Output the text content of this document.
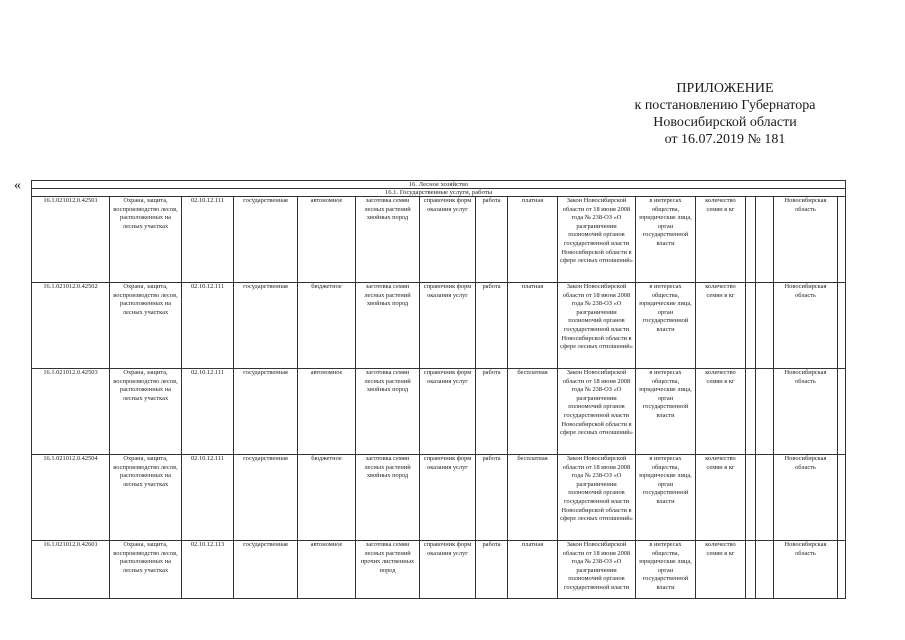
ПРИЛОЖЕНИЕ
к постановлению Губернатора
Новосибирской области
от 16.07.2019 № 181
«	16. Лесное хозяйство															
16.1. Государственные услуги, работы															
16.1.021012.0.42501	Охрана, защита, воспроизводство лесов, расположенных на лесных участках	02.10.12.111	государственная	автономное	заготовка семян лесных растений хвойных пород	справочник форм оказания услуг	работа	платная	Закон Новосибирской области от 18 июня 2008 года № 238-ОЗ «О разграничении полномочий органов государственной власти Новосибирской области в сфере лесных отношений»	в интересах общества, юридические лица, орган государственной власти	количество семян в кг			Новосибирская область	
16.1.021012.0.42502	Охрана, защита, воспроизводство лесов, расположенных на лесных участках	02.10.12.111	государственная	бюджетное	заготовка семян лесных растений хвойных пород	справочник форм оказания услуг	работа	платная	Закон Новосибирской области от 18 июня 2008 года № 238-ОЗ «О разграничении полномочий органов государственной власти Новосибирской области в сфере лесных отношений»	в интересах общества, юридические лица, орган государственной власти	количество семян в кг			Новосибирская область	
16.1.021012.0.42503	Охрана, защита, воспроизводство лесов, расположенных на лесных участках	02.10.12.111	государственная	автономное	заготовка семян лесных растений хвойных пород	справочник форм оказания услуг	работа	бесплатная	Закон Новосибирской области от 18 июня 2008 года № 238-ОЗ «О разграничении полномочий органов государственной власти Новосибирской области в сфере лесных отношений»	в интересах общества, юридические лица, орган государственной власти	количество семян в кг			Новосибирская область	
16.1.021012.0.42504	Охрана, защита, воспроизводство лесов, расположенных на лесных участках	02.10.12.111	государственная	бюджетное	заготовка семян лесных растений хвойных пород	справочник форм оказания услуг	работа	бесплатная	Закон Новосибирской области от 18 июня 2008 года № 238-ОЗ «О разграничении полномочий органов государственной власти Новосибирской области в сфере лесных отношений»	в интересах общества, юридические лица, орган государственной власти	количество семян в кг			Новосибирская область	
16.1.021012.0.42601	Охрана, защита, воспроизводство лесов, расположенных на лесных участках	02.10.12.113	государственная	автономное	заготовка семян лесных растений прочих лиственных пород	справочник форм оказания услуг	работа	платная	Закон Новосибирской области от 18 июня 2008 года № 238-ОЗ «О разграничении полномочий органов государственной власти	в интересах общества, юридические лица, орган государственной власти	количество семян в кг			Новосибирская область	
